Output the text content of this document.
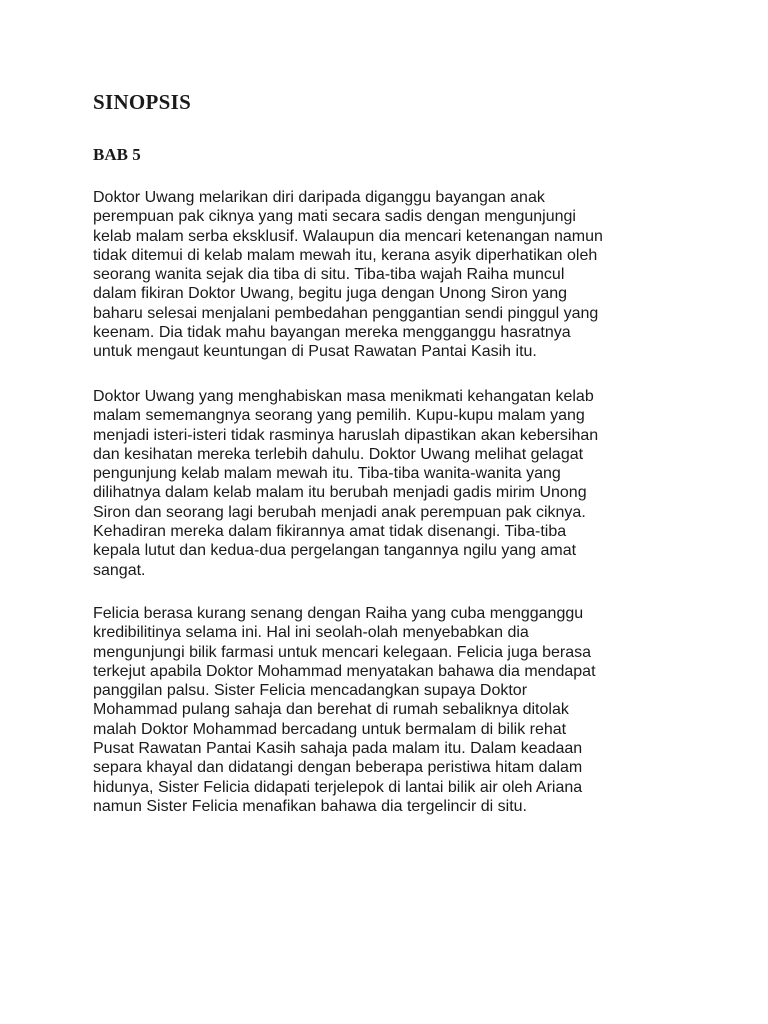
SINOPSIS
BAB 5
Doktor Uwang melarikan diri daripada diganggu bayangan anak
perempuan pak ciknya yang mati secara sadis dengan mengunjungi
kelab malam serba eksklusif. Walaupun dia mencari ketenangan namun
tidak ditemui di kelab malam mewah itu, kerana asyik diperhatikan oleh
seorang wanita sejak dia tiba di situ. Tiba-tiba wajah Raiha muncul
dalam fikiran Doktor Uwang, begitu juga dengan Unong Siron yang
baharu selesai menjalani pembedahan penggantian sendi pinggul yang
keenam. Dia tidak mahu bayangan mereka mengganggu hasratnya
untuk mengaut keuntungan di Pusat Rawatan Pantai Kasih itu.
Doktor Uwang yang menghabiskan masa menikmati kehangatan kelab
malam sememangnya seorang yang pemilih. Kupu-kupu malam yang
menjadi isteri-isteri tidak rasminya haruslah dipastikan akan kebersihan
dan kesihatan mereka terlebih dahulu. Doktor Uwang melihat gelagat
pengunjung kelab malam mewah itu. Tiba-tiba wanita-wanita yang
dilihatnya dalam kelab malam itu berubah menjadi gadis mirim Unong
Siron dan seorang lagi berubah menjadi anak perempuan pak ciknya.
Kehadiran mereka dalam fikirannya amat tidak disenangi. Tiba-tiba
kepala lutut dan kedua-dua pergelangan tangannya ngilu yang amat
sangat.
Felicia berasa kurang senang dengan Raiha yang cuba mengganggu
kredibilitinya selama ini. Hal ini seolah-olah menyebabkan dia
mengunjungi bilik farmasi untuk mencari kelegaan. Felicia juga berasa
terkejut apabila Doktor Mohammad menyatakan bahawa dia mendapat
panggilan palsu. Sister Felicia mencadangkan supaya Doktor
Mohammad pulang sahaja dan berehat di rumah sebaliknya ditolak
malah Doktor Mohammad bercadang untuk bermalam di bilik rehat
Pusat Rawatan Pantai Kasih sahaja pada malam itu. Dalam keadaan
separa khayal dan didatangi dengan beberapa peristiwa hitam dalam
hidunya, Sister Felicia didapati terjelepok di lantai bilik air oleh Ariana
namun Sister Felicia menafikan bahawa dia tergelincir di situ.
